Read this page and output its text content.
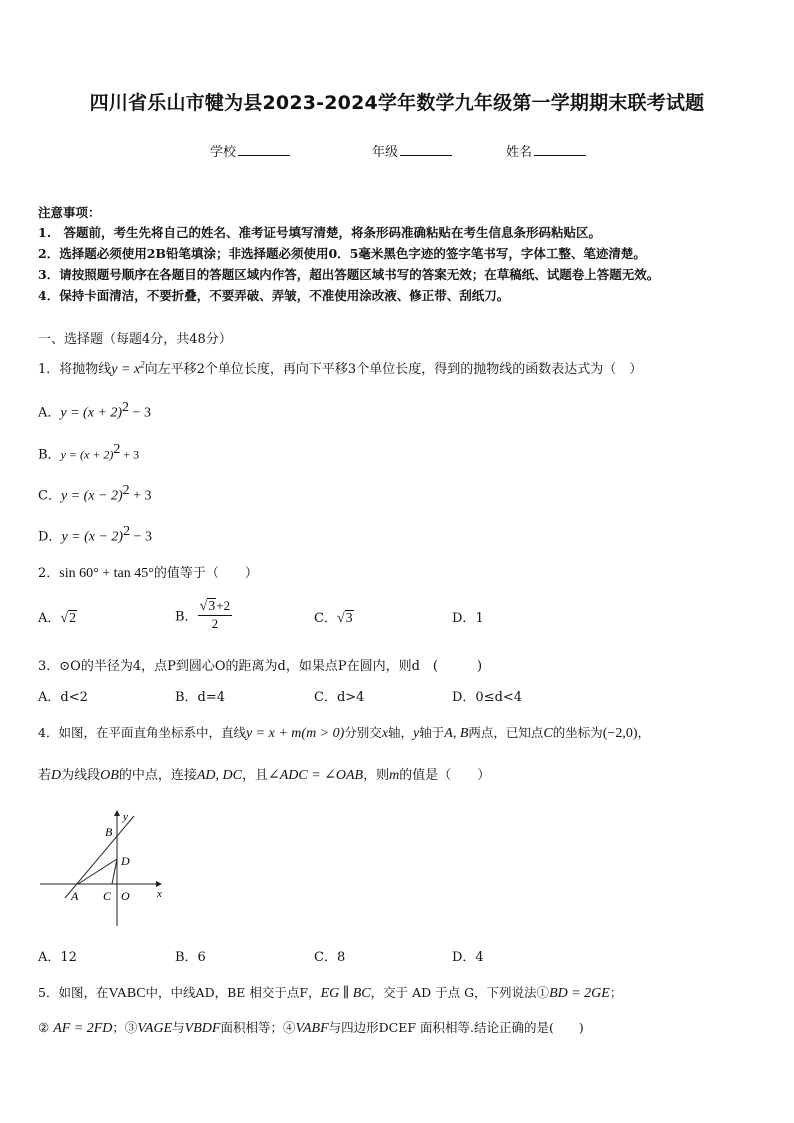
四川省乐山市犍为县2023-2024学年数学九年级第一学期期末联考试题
学校	年级	姓名
注意事项：
1.　答题前，考生先将自己的姓名、准考证号填写清楚，将条形码准确粘贴在考生信息条形码粘贴区。
2．选择题必须使用2B铅笔填涂；非选择题必须使用0．5毫米黑色字迹的签字笔书写，字体工整、笔迹清楚。
3．请按照题号顺序在各题目的答题区域内作答，超出答题区域书写的答案无效；在草稿纸、试题卷上答题无效。
4．保持卡面清洁，不要折叠，不要弄破、弄皱，不准使用涂改液、修正带、刮纸刀。
一、选择题（每题4分，共48分）
1．将抛物线$y = x^2$向左平移2个单位长度，再向下平移3个单位长度，得到的抛物线的函数表达式为（　）
A．$y = (x + 2)^2 - 3$
B．$y = (x + 2)^2 + 3$
C．$y = (x - 2)^2 + 3$
D．$y = (x - 2)^2 - 3$
2．sin 60° + tan 45°的值等于（　　）
A．√2	B． $\frac{√3+2}{2}$	C．√3	D．1
3．⊙O的半径为4，点P到圆心O的距离为d，如果点P在圆内，则d　(　　　)
A．d<2	B．d=4	C．d>4	D．0≤d<4
4．如图，在平面直角坐标系中，直线y = x + m(m > 0)分别交x轴，y轴于A, B两点，已知点C的坐标为(−2,0)，
若D为线段OB的中点，连接AD, DC，且∠ADC = ∠OAB，则m的值是（　　）
y
x
B
D
A C O
A．12	B．6	C．8	D．4
5．如图，在VABC中，中线AD，BE 相交于点F，EG ∥ BC，交于 AD 于点 G，下列说法①BD = 2GE；
② AF = 2FD；③VAGE与VBDF面积相等；④VABF与四边形DCEF 面积相等.结论正确的是(　　)
